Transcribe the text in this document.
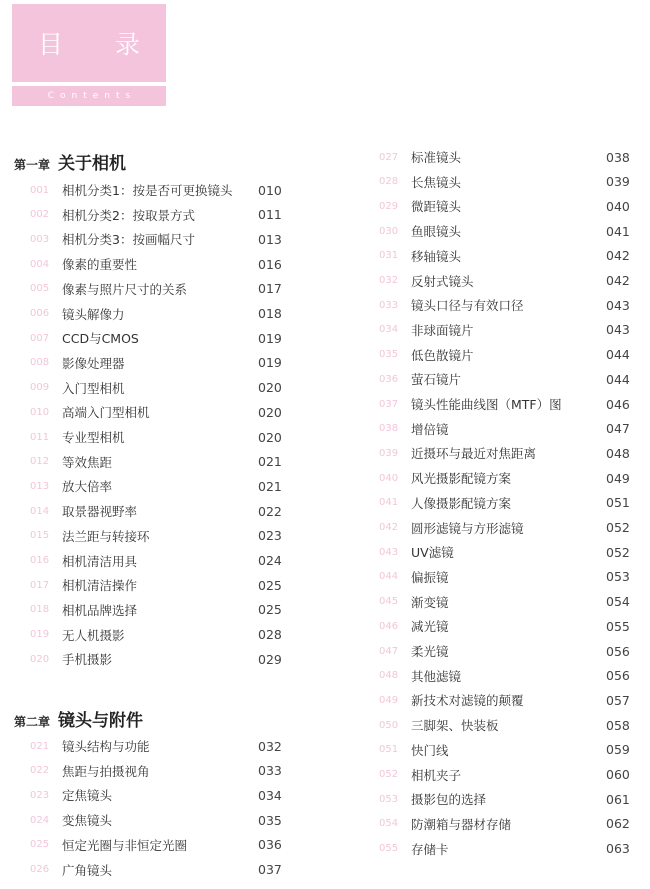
目 录
Contents
第一章 关于相机
001 相机分类1：按是否可更换镜头 010
002 相机分类2：按取景方式	011
003 相机分类3：按画幅尺寸	013
004 像素的重要性	016
005 像素与照片尺寸的关系	017
006 镜头解像力	018
007 CCD与CMOS	019
008 影像处理器	019
009 入门型相机	020
010 高端入门型相机	020
011 专业型相机	020
012 等效焦距	021
013 放大倍率	021
014 取景器视野率	022
015 法兰距与转接环	023
016 相机清洁用具	024
017 相机清洁操作	025
018 相机品牌选择	025
019 无人机摄影	028
020 手机摄影	029
第二章 镜头与附件
021 镜头结构与功能	032
022 焦距与拍摄视角	033
023 定焦镜头	034
024 变焦镜头	035
025 恒定光圈与非恒定光圈	036
026 广角镜头	037
027 标准镜头	038
028 长焦镜头	039
029 微距镜头	040
030 鱼眼镜头	041
031 移轴镜头	042
032 反射式镜头	042
033 镜头口径与有效口径	043
034 非球面镜片	043
035 低色散镜片	044
036 萤石镜片	044
037 镜头性能曲线图（MTF）图	046
038 增倍镜	047
039 近摄环与最近对焦距离	048
040 风光摄影配镜方案	049
041 人像摄影配镜方案	051
042 圆形滤镜与方形滤镜	052
043 UV滤镜	052
044 偏振镜	053
045 渐变镜	054
046 减光镜	055
047 柔光镜	056
048 其他滤镜	056
049 新技术对滤镜的颠覆	057
050 三脚架、快装板	058
051 快门线	059
052 相机夹子	060
053 摄影包的选择	061
054 防潮箱与器材存储	062
055 存储卡	063
